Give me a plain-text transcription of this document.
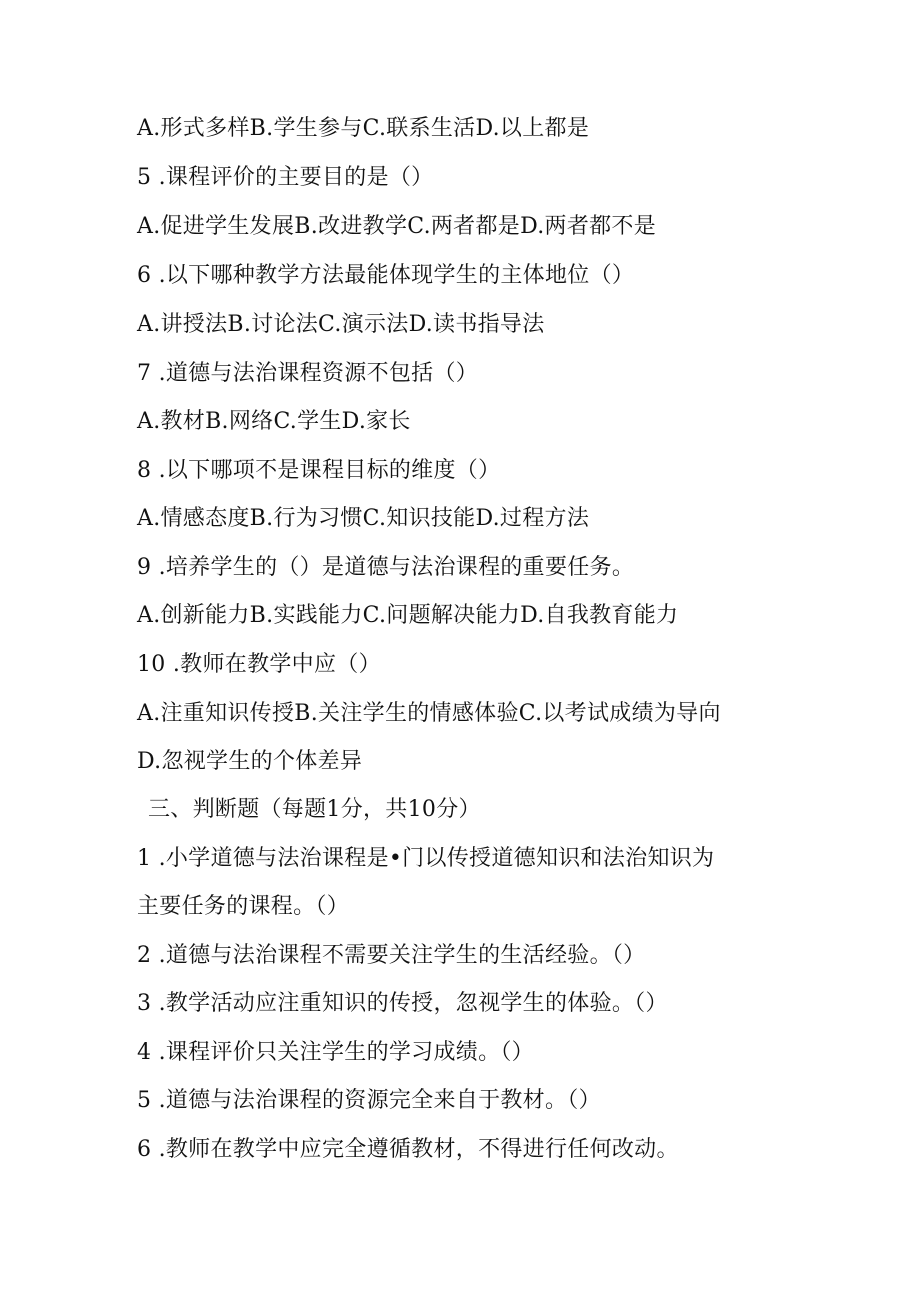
A.形式多样B.学生参与C.联系生活D.以上都是
5 .课程评价的主要目的是（）
A.促进学生发展B.改进教学C.两者都是D.两者都不是
6 .以下哪种教学方法最能体现学生的主体地位（）
A.讲授法B.讨论法C.演示法D.读书指导法
7 .道德与法治课程资源不包括（）
A.教材B.网络C.学生D.家长
8 .以下哪项不是课程目标的维度（）
A.情感态度B.行为习惯C.知识技能D.过程方法
9 .培养学生的（）是道德与法治课程的重要任务。
A.创新能力B.实践能力C.问题解决能力D.自我教育能力
10 .教师在教学中应（）
A.注重知识传授B.关注学生的情感体验C.以考试成绩为导向
D.忽视学生的个体差异
三、判断题（每题1分，共10分）
1 .小学道德与法治课程是•门以传授道德知识和法治知识为
主要任务的课程。（）
2 .道德与法治课程不需要关注学生的生活经验。（）
3 .教学活动应注重知识的传授，忽视学生的体验。（）
4 .课程评价只关注学生的学习成绩。（）
5 .道德与法治课程的资源完全来自于教材。（）
6 .教师在教学中应完全遵循教材，不得进行任何改动。
